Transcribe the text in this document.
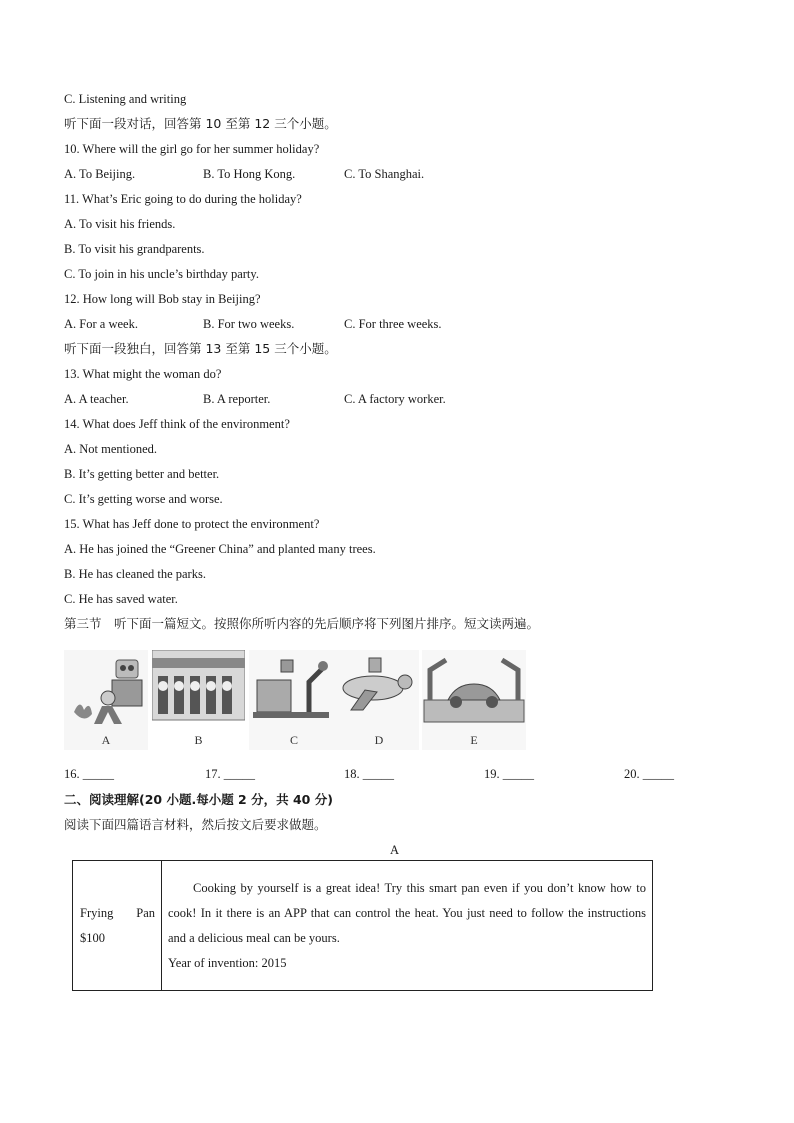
C. Listening and writing
听下面一段对话，回答第 10 至第 12 三个小题。
10. Where will the girl go for her summer holiday?
A. To Beijing.	B. To Hong Kong.	C. To Shanghai.
11. What’s Eric going to do during the holiday?
A. To visit his friends.
B. To visit his grandparents.
C. To join in his uncle’s birthday party.
12. How long will Bob stay in Beijing?
A. For a week.	B. For two weeks.	C. For three weeks.
听下面一段独白，回答第 13 至第 15 三个小题。
13. What might the woman do?
A. A teacher.	B. A reporter.	C. A factory worker.
14. What does Jeff think of the environment?
A. Not mentioned.
B. It’s getting better and better.
C. It’s getting worse and worse.
15. What has Jeff done to protect the environment?
A. He has joined the “Greener China” and planted many trees.
B. He has cleaned the parks.
C. He has saved water.
第三节　听下面一篇短文。按照你所听内容的先后顺序将下列图片排序。短文读两遍。
A	B	C	D	E
16. _____	17. _____	18. _____	19. _____	20. _____
二、阅读理解(20 小题.每小题 2 分，共 40 分)
阅读下面四篇语言材料，然后按文后要求做题。
A
Frying Pan
$100

Cooking by yourself is a great idea! Try this smart pan even if you don’t know how to cook! In it there is an APP that can control the heat. You just need to follow the instructions and a delicious meal can be yours.
Year of invention: 2015
